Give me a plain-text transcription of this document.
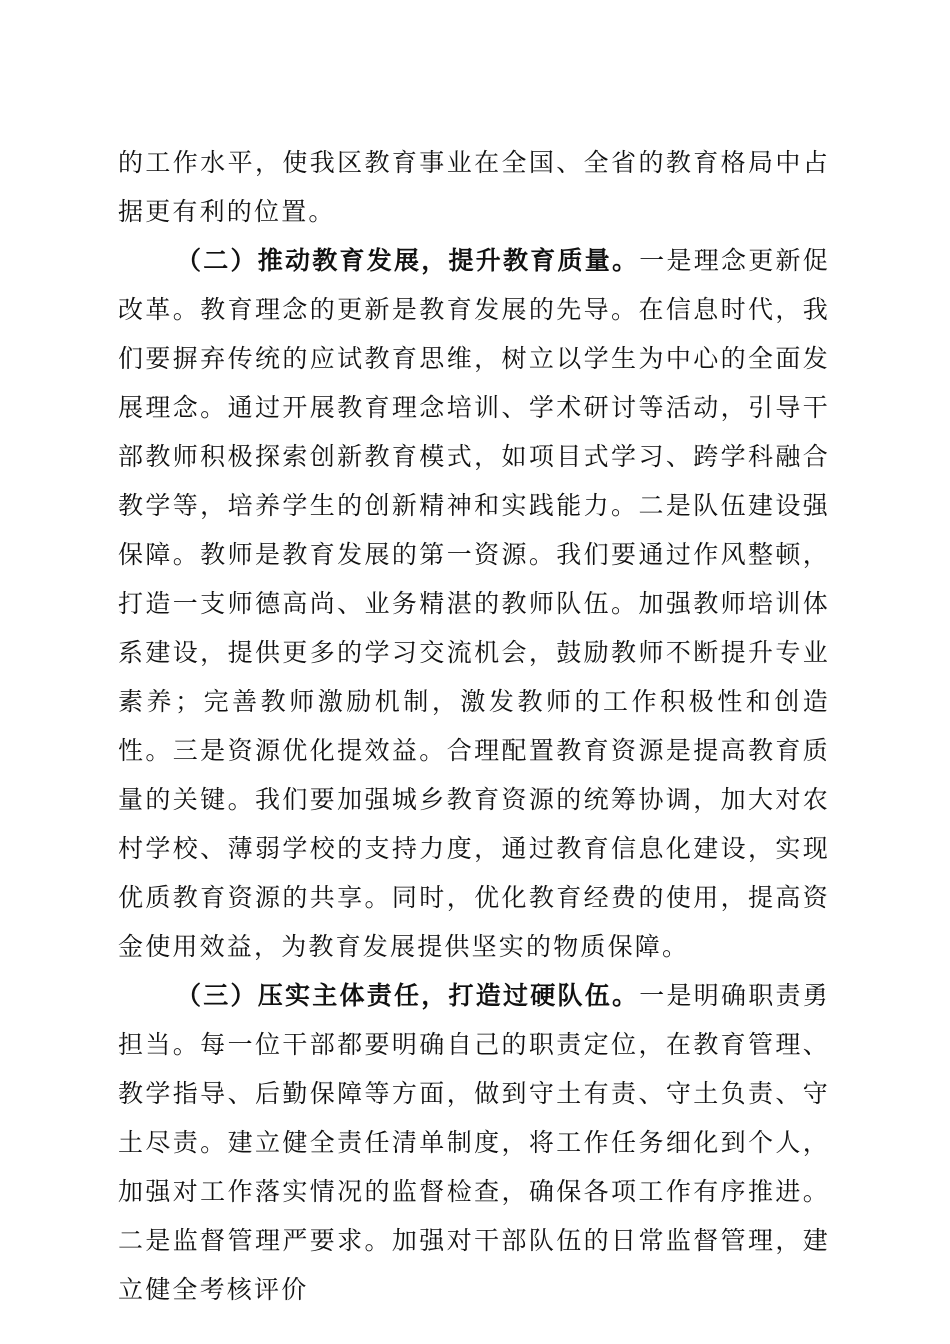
的工作水平，使我区教育事业在全国、全省的教育格局中占据更有利的位置。

（二）推动教育发展，提升教育质量。一是理念更新促改革。教育理念的更新是教育发展的先导。在信息时代，我们要摒弃传统的应试教育思维，树立以学生为中心的全面发展理念。通过开展教育理念培训、学术研讨等活动，引导干部教师积极探索创新教育模式，如项目式学习、跨学科融合教学等，培养学生的创新精神和实践能力。二是队伍建设强保障。教师是教育发展的第一资源。我们要通过作风整顿，打造一支师德高尚、业务精湛的教师队伍。加强教师培训体系建设，提供更多的学习交流机会，鼓励教师不断提升专业素养；完善教师激励机制，激发教师的工作积极性和创造性。三是资源优化提效益。合理配置教育资源是提高教育质量的关键。我们要加强城乡教育资源的统筹协调，加大对农村学校、薄弱学校的支持力度，通过教育信息化建设，实现优质教育资源的共享。同时，优化教育经费的使用，提高资金使用效益，为教育发展提供坚实的物质保障。

（三）压实主体责任，打造过硬队伍。一是明确职责勇担当。每一位干部都要明确自己的职责定位，在教育管理、教学指导、后勤保障等方面，做到守土有责、守土负责、守土尽责。建立健全责任清单制度，将工作任务细化到个人，加强对工作落实情况的监督检查，确保各项工作有序推进。二是监督管理严要求。加强对干部队伍的日常监督管理，建立健全考核评价
